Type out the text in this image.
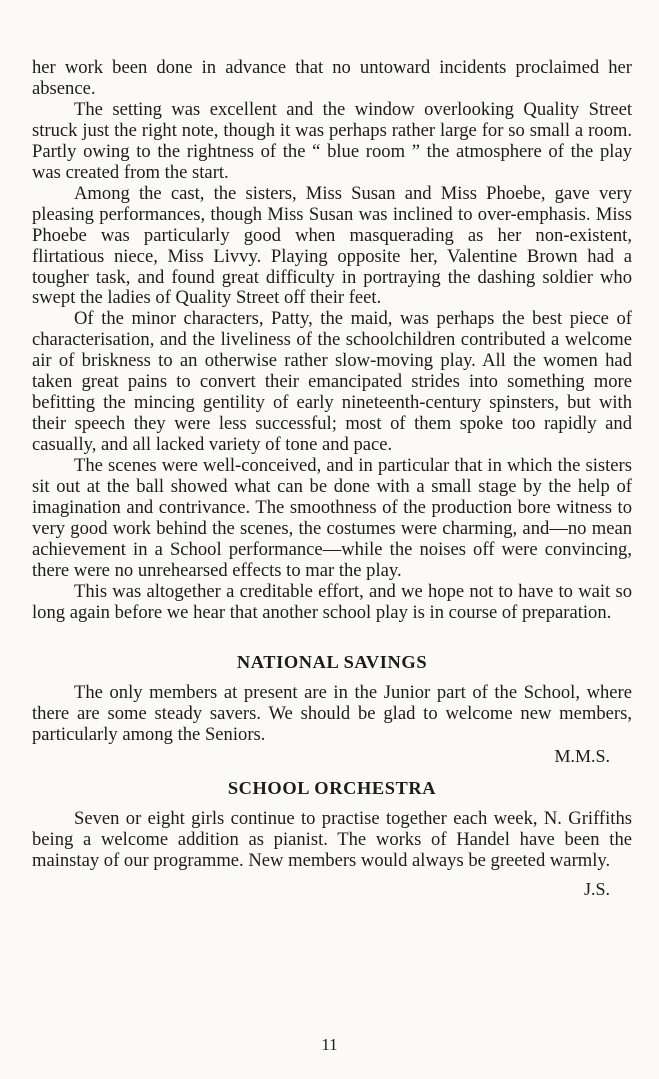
her work been done in advance that no untoward incidents proclaimed her absence.

The setting was excellent and the window overlooking Quality Street struck just the right note, though it was perhaps rather large for so small a room. Partly owing to the rightness of the “ blue room ” the atmosphere of the play was created from the start.

Among the cast, the sisters, Miss Susan and Miss Phoebe, gave very pleasing performances, though Miss Susan was inclined to over-emphasis. Miss Phoebe was particularly good when masquerading as her non-existent, flirtatious niece, Miss Livvy. Playing opposite her, Valentine Brown had a tougher task, and found great difficulty in portraying the dashing soldier who swept the ladies of Quality Street off their feet.

Of the minor characters, Patty, the maid, was perhaps the best piece of characterisation, and the liveliness of the schoolchildren contributed a welcome air of briskness to an otherwise rather slow-moving play. All the women had taken great pains to convert their emancipated strides into something more befitting the mincing gentility of early nineteenth-century spinsters, but with their speech they were less successful; most of them spoke too rapidly and casually, and all lacked variety of tone and pace.

The scenes were well-conceived, and in particular that in which the sisters sit out at the ball showed what can be done with a small stage by the help of imagination and contrivance. The smoothness of the production bore witness to very good work behind the scenes, the costumes were charming, and—no mean achievement in a School performance—while the noises off were convincing, there were no unrehearsed effects to mar the play.

This was altogether a creditable effort, and we hope not to have to wait so long again before we hear that another school play is in course of preparation.

NATIONAL SAVINGS

The only members at present are in the Junior part of the School, where there are some steady savers. We should be glad to welcome new members, particularly among the Seniors.

M.M.S.
SCHOOL ORCHESTRA

Seven or eight girls continue to practise together each week, N. Griffiths being a welcome addition as pianist. The works of Handel have been the mainstay of our programme. New members would always be greeted warmly.

J.S.
11
